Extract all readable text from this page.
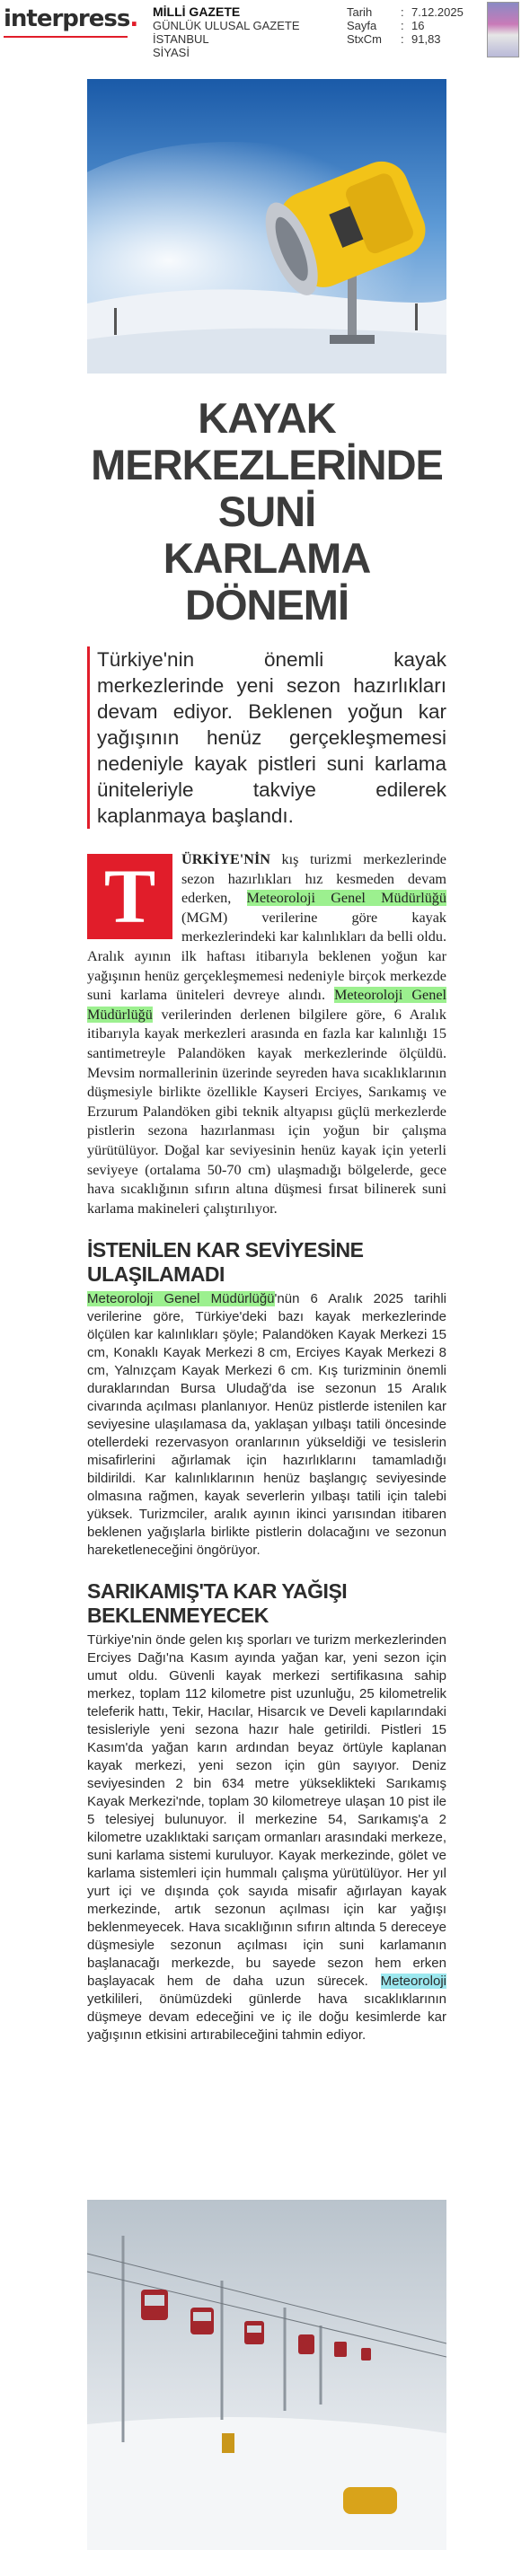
interpress. MİLLİ GAZETE
GÜNLÜK ULUSAL GAZETE
İSTANBUL
SİYASİ
Tarih	: 7.12.2025
Sayfa	: 16
StxCm	: 91,83
KAYAK
MERKEZLERİNDE SUNİ
KARLAMA DÖNEMİ
Türkiye'nin önemli kayak merkezlerinde yeni sezon hazırlıkları devam ediyor. Beklenen yoğun kar yağışının henüz gerçekleşmemesi nedeniyle kayak pistleri suni karlama üniteleriyle takviye edilerek kaplanmaya başlandı.

T	ÜRKİYE'NİN kış turizmi merkezlerinde sezon hazırlıkları hız kesmeden devam ederken, Meteoroloji Genel Müdürlüğü (MGM) verilerine göre kayak merkezlerindeki kar kalınlıkları da belli oldu. Aralık ayının ilk haftası itibarıyla beklenen yoğun kar yağışının henüz gerçekleşmemesi nedeniyle birçok merkezde suni karlama üniteleri devreye alındı. Meteoroloji Genel Müdürlüğü verilerinden derlenen bilgilere göre, 6 Aralık itibarıyla kayak merkezleri arasında en fazla kar kalınlığı 15 santimetreyle Palandöken kayak merkezlerinde ölçüldü. Mevsim normallerinin üzerinde seyreden hava sıcaklıklarının düşmesiyle birlikte özellikle Kayseri Erciyes, Sarıkamış ve Erzurum Palandöken gibi teknik altyapısı güçlü merkezlerde pistlerin sezona hazırlanması için yoğun bir çalışma yürütülüyor. Doğal kar seviyesinin henüz kayak için yeterli seviyeye (ortalama 50-70 cm) ulaşmadığı bölgelerde, gece hava sıcaklığının sıfırın altına düşmesi fırsat bilinerek suni karlama makineleri çalıştırılıyor.

İSTENİLEN KAR SEVİYESİNE ULAŞILAMADI

Meteoroloji Genel Müdürlüğü'nün 6 Aralık 2025 tarihli verilerine göre, Türkiye'deki bazı kayak merkezlerinde ölçülen kar kalınlıkları şöyle; Palandöken Kayak Merkezi 15 cm, Konaklı Kayak Merkezi 8 cm, Erciyes Kayak Merkezi 8 cm, Yalnızçam Kayak Merkezi 6 cm. Kış turizminin önemli duraklarından Bursa Uludağ'da ise sezonun 15 Aralık civarında açılması planlanıyor. Henüz pistlerde istenilen kar seviyesine ulaşılamasa da, yaklaşan yılbaşı tatili öncesinde otellerdeki rezervasyon oranlarının yükseldiği ve tesislerin misafirlerini ağırlamak için hazırlıklarını tamamladığı bildirildi. Kar kalınlıklarının henüz başlangıç seviyesinde olmasına rağmen, kayak severlerin yılbaşı tatili için talebi yüksek. Turizmciler, aralık ayının ikinci yarısından itibaren beklenen yağışlarla birlikte pistlerin dolacağını ve sezonun hareketleneceğini öngörüyor.

SARIKAMIŞ'TA KAR YAĞIŞI BEKLENMEYECEK

Türkiye'nin önde gelen kış sporları ve turizm merkezlerinden Erciyes Dağı'na Kasım ayında yağan kar, yeni sezon için umut oldu. Güvenli kayak merkezi sertifikasına sahip merkez, toplam 112 kilometre pist uzunluğu, 25 kilometrelik teleferik hattı, Tekir, Hacılar, Hisarcık ve Develi kapılarındaki tesisleriyle yeni sezona hazır hale getirildi. Pistleri 15 Kasım'da yağan karın ardından beyaz örtüyle kaplanan kayak merkezi, yeni sezon için gün sayıyor. Deniz seviyesinden 2 bin 634 metre yükseklikteki Sarıkamış Kayak Merkezi'nde, toplam 30 kilometreye ulaşan 10 pist ile 5 telesiyej bulunuyor. İl merkezine 54, Sarıkamış'a 2 kilometre uzaklıktaki sarıçam ormanları arasındaki merkeze, suni karlama sistemi kuruluyor. Kayak merkezinde, gölet ve karlama sistemleri için hummalı çalışma yürütülüyor. Her yıl yurt içi ve dışında çok sayıda misafir ağırlayan kayak merkezinde, artık sezonun açılması için kar yağışı beklenmeyecek. Hava sıcaklığının sıfırın altında 5 dereceye düşmesiyle sezonun açılması için suni karlamanın başlanacağı merkezde, bu sayede sezon hem erken başlayacak hem de daha uzun sürecek. Meteoroloji yetkilileri, önümüzdeki günlerde hava sıcaklıklarının düşmeye devam edeceğini ve iç ile doğu kesimlerde kar yağışının etkisini artırabileceğini tahmin ediyor.
